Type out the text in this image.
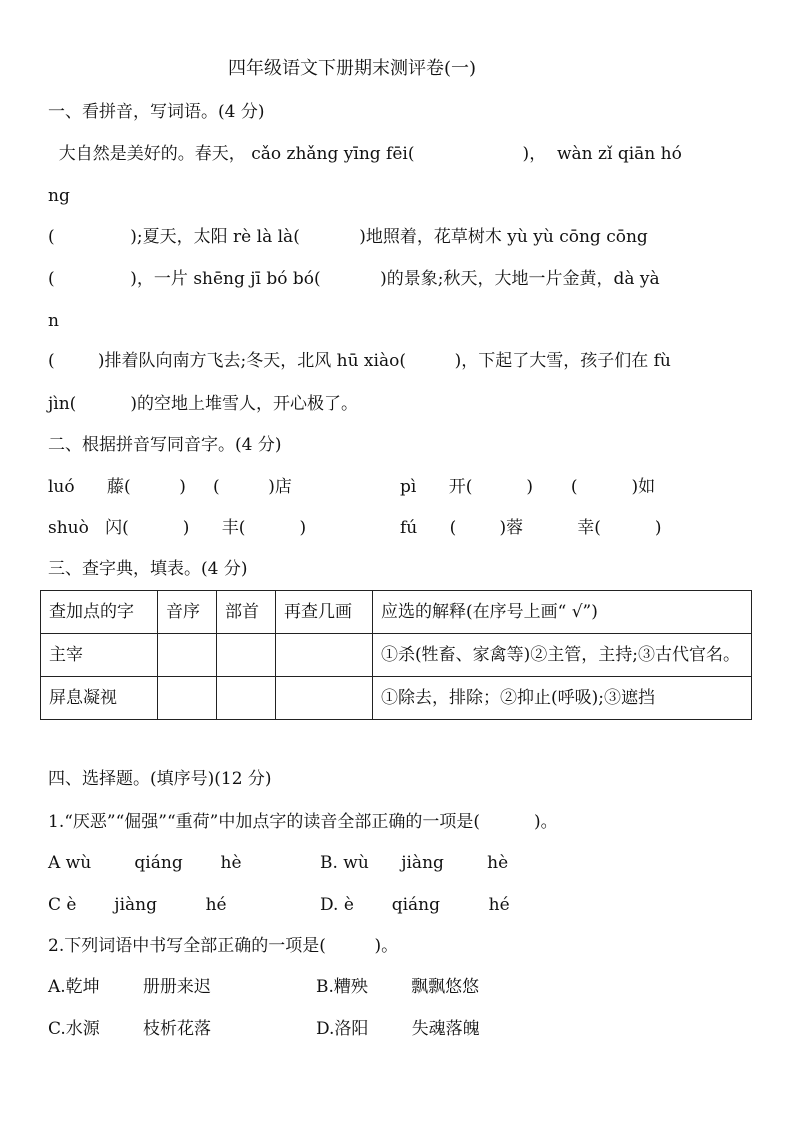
四年级语文下册期末测评卷(一)
一、看拼音，写词语。(4 分)
大自然是美好的。春天， cǎo zhǎng yīng fēi(                    )，  wàn zǐ qiān hó
ng
(              );夏天，太阳 rè là là(           )地照着，花草树木 yù yù cōng cōng
(              )，一片 shēng jī bó bó(           )的景象;秋天，大地一片金黄，dà yà
n
(        )排着队向南方飞去;冬天，北风 hū xiào(         )，下起了大雪，孩子们在 fù
jìn(          )的空地上堆雪人，开心极了。
二、根据拼音写同音字。(4 分)
luó      藤(         )     (         )店	pì      开(          )       (          )如
shuò   闪(          )      丰(          )	fú      (        )蓉          幸(          )
三、查字典，填表。(4 分)
查加点的字	音序	部首	再查几画	应选的解释(在序号上画“ √”)
主宰				①杀(牲畜、家禽等)②主管，主持;③古代官名。
屏息凝视				①除去，排除；②抑止(呼吸);③遮挡
四、选择题。(填序号)(12 分)
1.“厌恶”“倔强”“重荷”中加点字的读音全部正确的一项是(          )。
A wù        qiáng       hè	B. wù      jiàng        hè
C è       jiàng         hé	D. è       qiáng         hé
2.下列词语中书写全部正确的一项是(         )。
A.乾坤        册册来迟	B.糟殃        飘飘悠悠
C.水源        枝析花落	D.洛阳        失魂落魄
